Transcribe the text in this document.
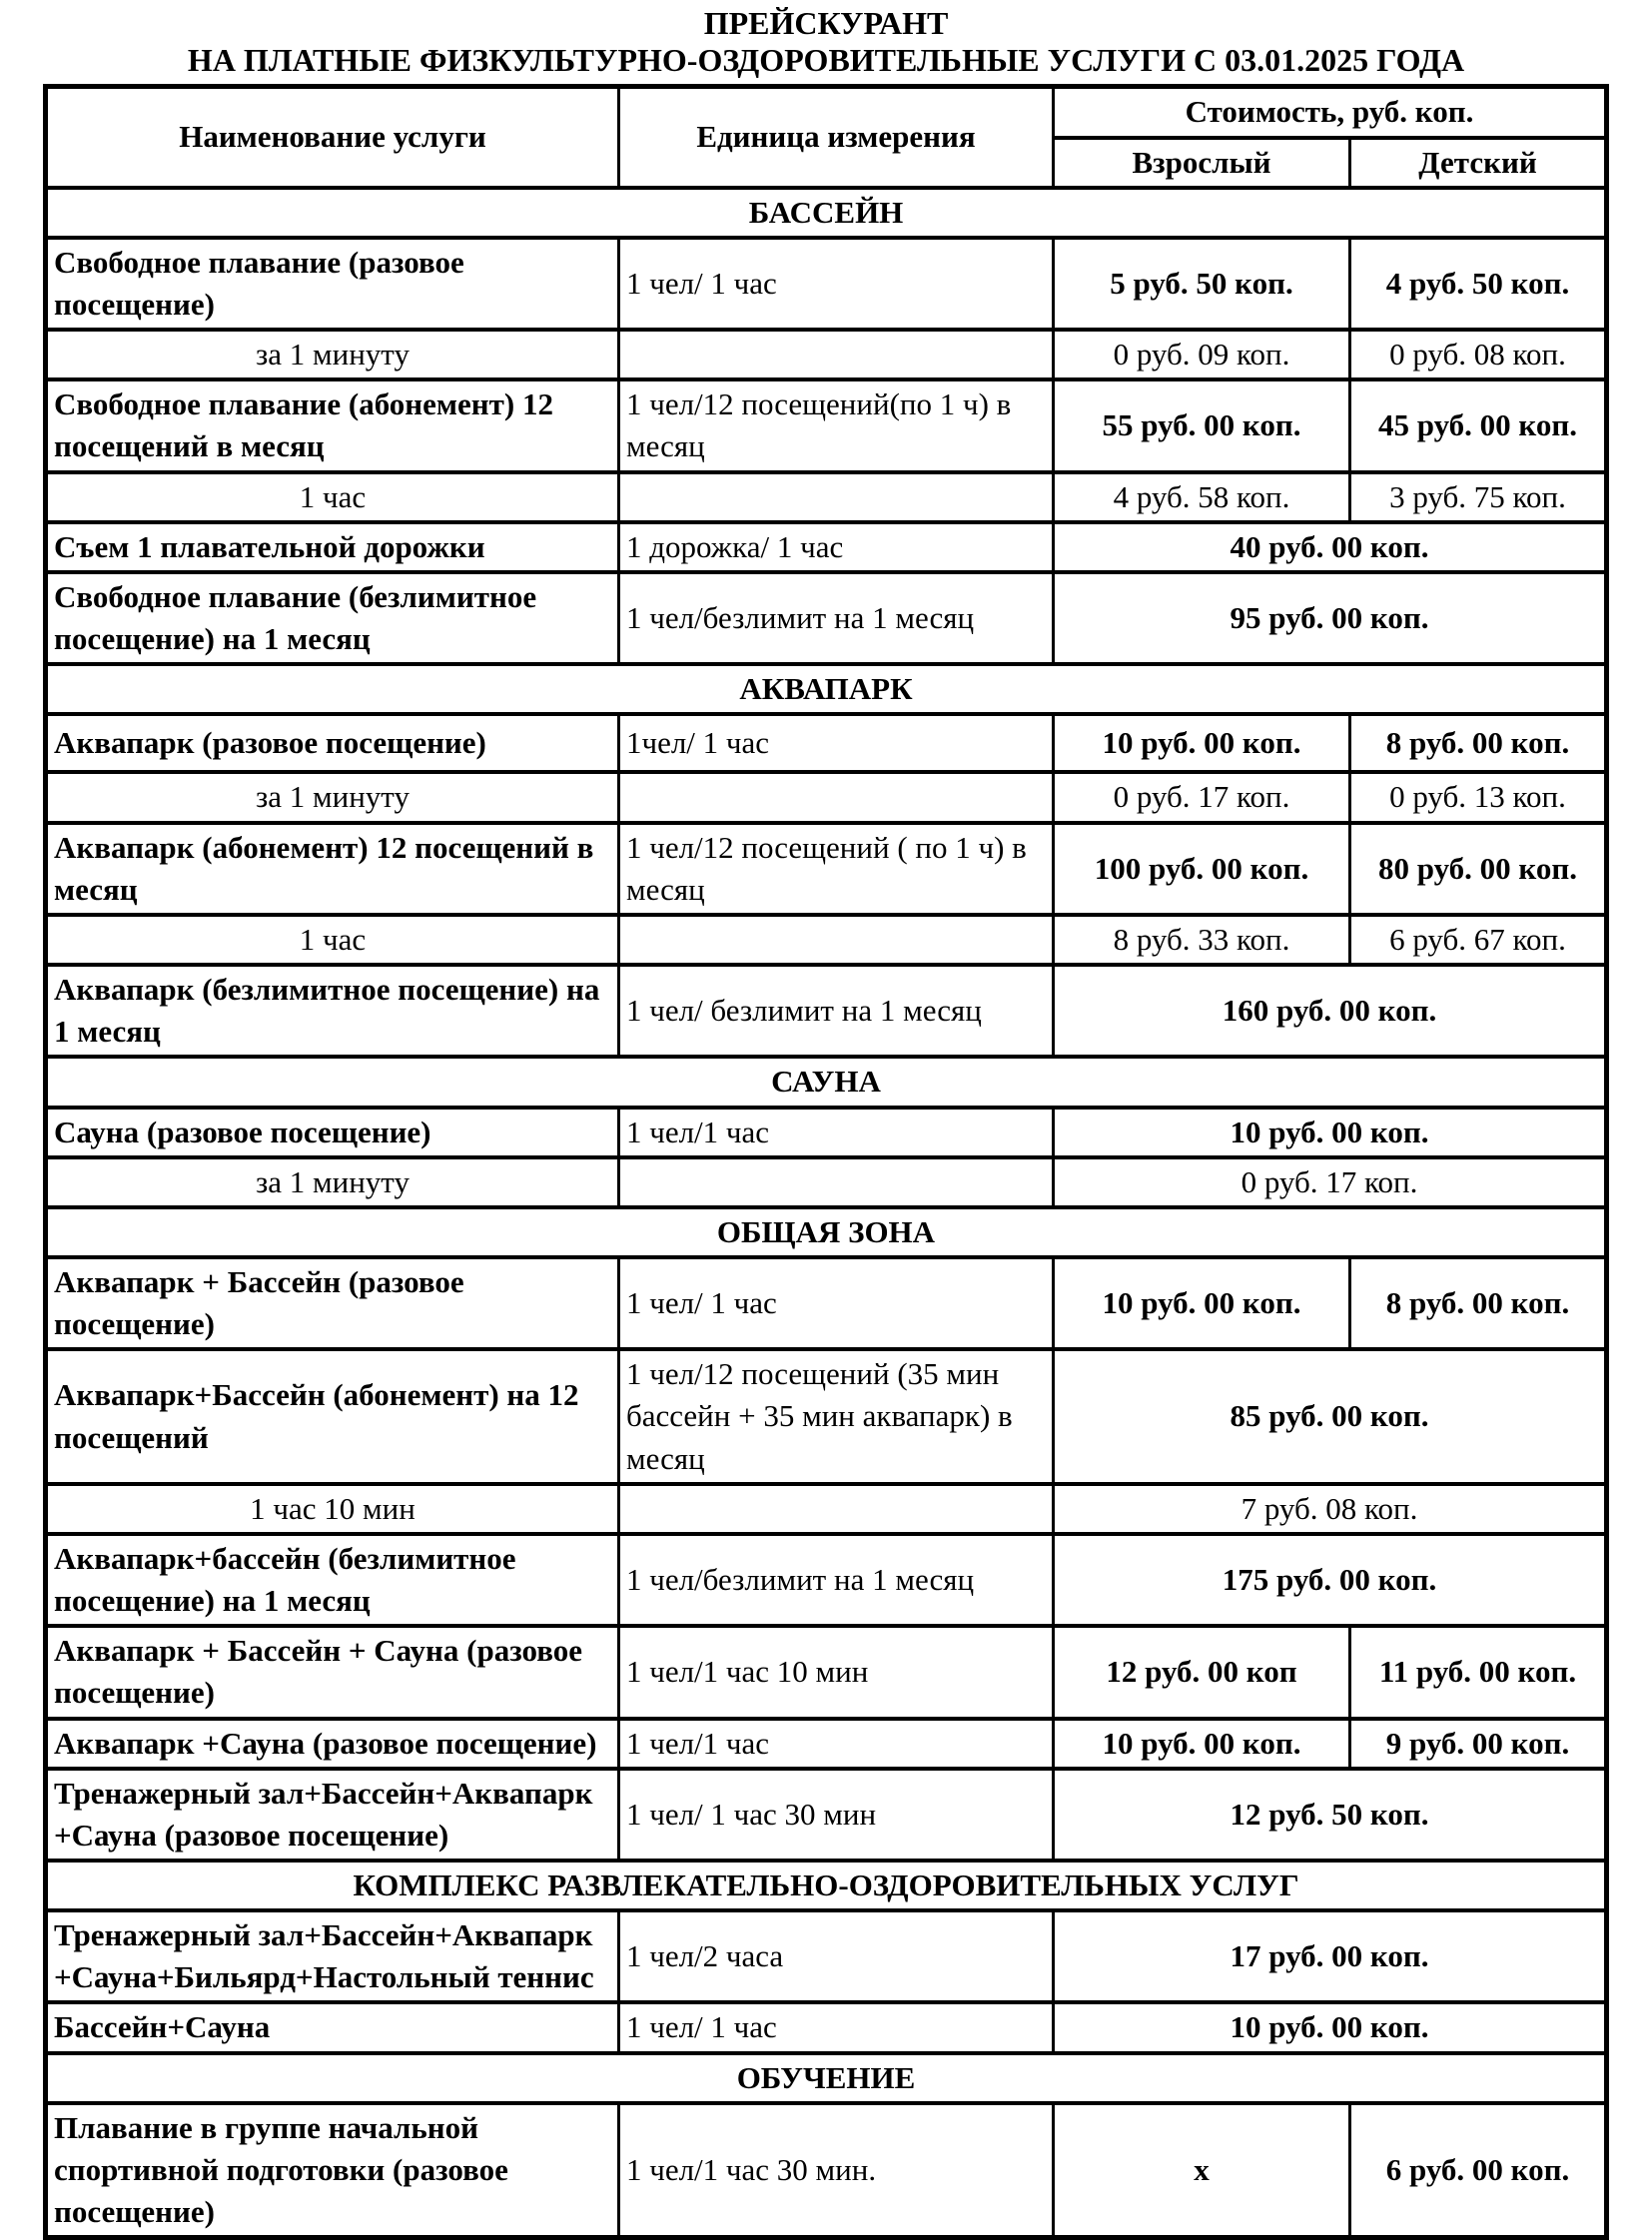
ПРЕЙСКУРАНТ
НА ПЛАТНЫЕ ФИЗКУЛЬТУРНО-ОЗДОРОВИТЕЛЬНЫЕ УСЛУГИ С 03.01.2025 ГОДА
Наименование услуги	Единица измерения	Стоимость, руб. коп.	
		Взрослый	Детский
БАССЕЙН			
Свободное плавание (разовое посещение)	1 чел/ 1 час	5 руб. 50 коп.	4 руб. 50 коп.
за 1 минуту		0 руб. 09 коп.	0 руб. 08 коп.
Свободное плавание (абонемент) 12 посещений в месяц	1 чел/12 посещений(по 1 ч) в месяц	55 руб. 00 коп.	45 руб. 00 коп.
1 час		4 руб. 58 коп.	3 руб. 75 коп.
Съем 1 плавательной дорожки	1 дорожка/ 1 час	40 руб. 00 коп.	
Свободное плавание (безлимитное посещение) на 1 месяц	1 чел/безлимит на 1 месяц	95 руб. 00 коп.	
АКВАПАРК			
Аквапарк (разовое посещение)	1чел/ 1 час	10 руб. 00 коп.	8 руб. 00 коп.
за 1 минуту		0 руб. 17 коп.	0 руб. 13 коп.
Аквапарк (абонемент) 12 посещений в месяц	1 чел/12 посещений ( по 1 ч) в месяц	100 руб. 00 коп.	80 руб. 00 коп.
1 час		8 руб. 33 коп.	6 руб. 67 коп.
Аквапарк (безлимитное посещение) на 1 месяц	1 чел/ безлимит на 1 месяц	160 руб. 00 коп.	
САУНА			
Сауна (разовое посещение)	1 чел/1 час	10 руб. 00 коп.	
за 1 минуту		0 руб. 17 коп.	
ОБЩАЯ ЗОНА			
Аквапарк + Бассейн (разовое посещение)	1 чел/ 1 час	10 руб. 00 коп.	8 руб. 00 коп.
Аквапарк+Бассейн (абонемент) на 12 посещений	1 чел/12 посещений (35 мин бассейн + 35 мин аквапарк) в месяц	85 руб. 00 коп.	
1 час 10 мин		7 руб. 08 коп.	
Аквапарк+бассейн (безлимитное посещение) на 1 месяц	1 чел/безлимит на 1 месяц	175 руб. 00 коп.	
Аквапарк + Бассейн + Сауна (разовое посещение)	1 чел/1 час 10 мин	12 руб. 00 коп	11 руб. 00 коп.
Аквапарк +Сауна (разовое посещение)	1 чел/1 час	10 руб. 00 коп.	9 руб. 00 коп.
Тренажерный зал+Бассейн+Аквапарк +Сауна (разовое посещение)	1 чел/ 1 час 30 мин	12 руб. 50 коп.	
КОМПЛЕКС РАЗВЛЕКАТЕЛЬНО-ОЗДОРОВИТЕЛЬНЫХ УСЛУГ			
Тренажерный зал+Бассейн+Аквапарк +Сауна+Бильярд+Настольный теннис	1 чел/2 часа	17 руб. 00 коп.	
Бассейн+Сауна	1 чел/ 1 час	10 руб. 00 коп.	
ОБУЧЕНИЕ			
Плавание в группе начальной спортивной подготовки (разовое посещение)	1 чел/1 час 30 мин.	х	6 руб. 00 коп.
